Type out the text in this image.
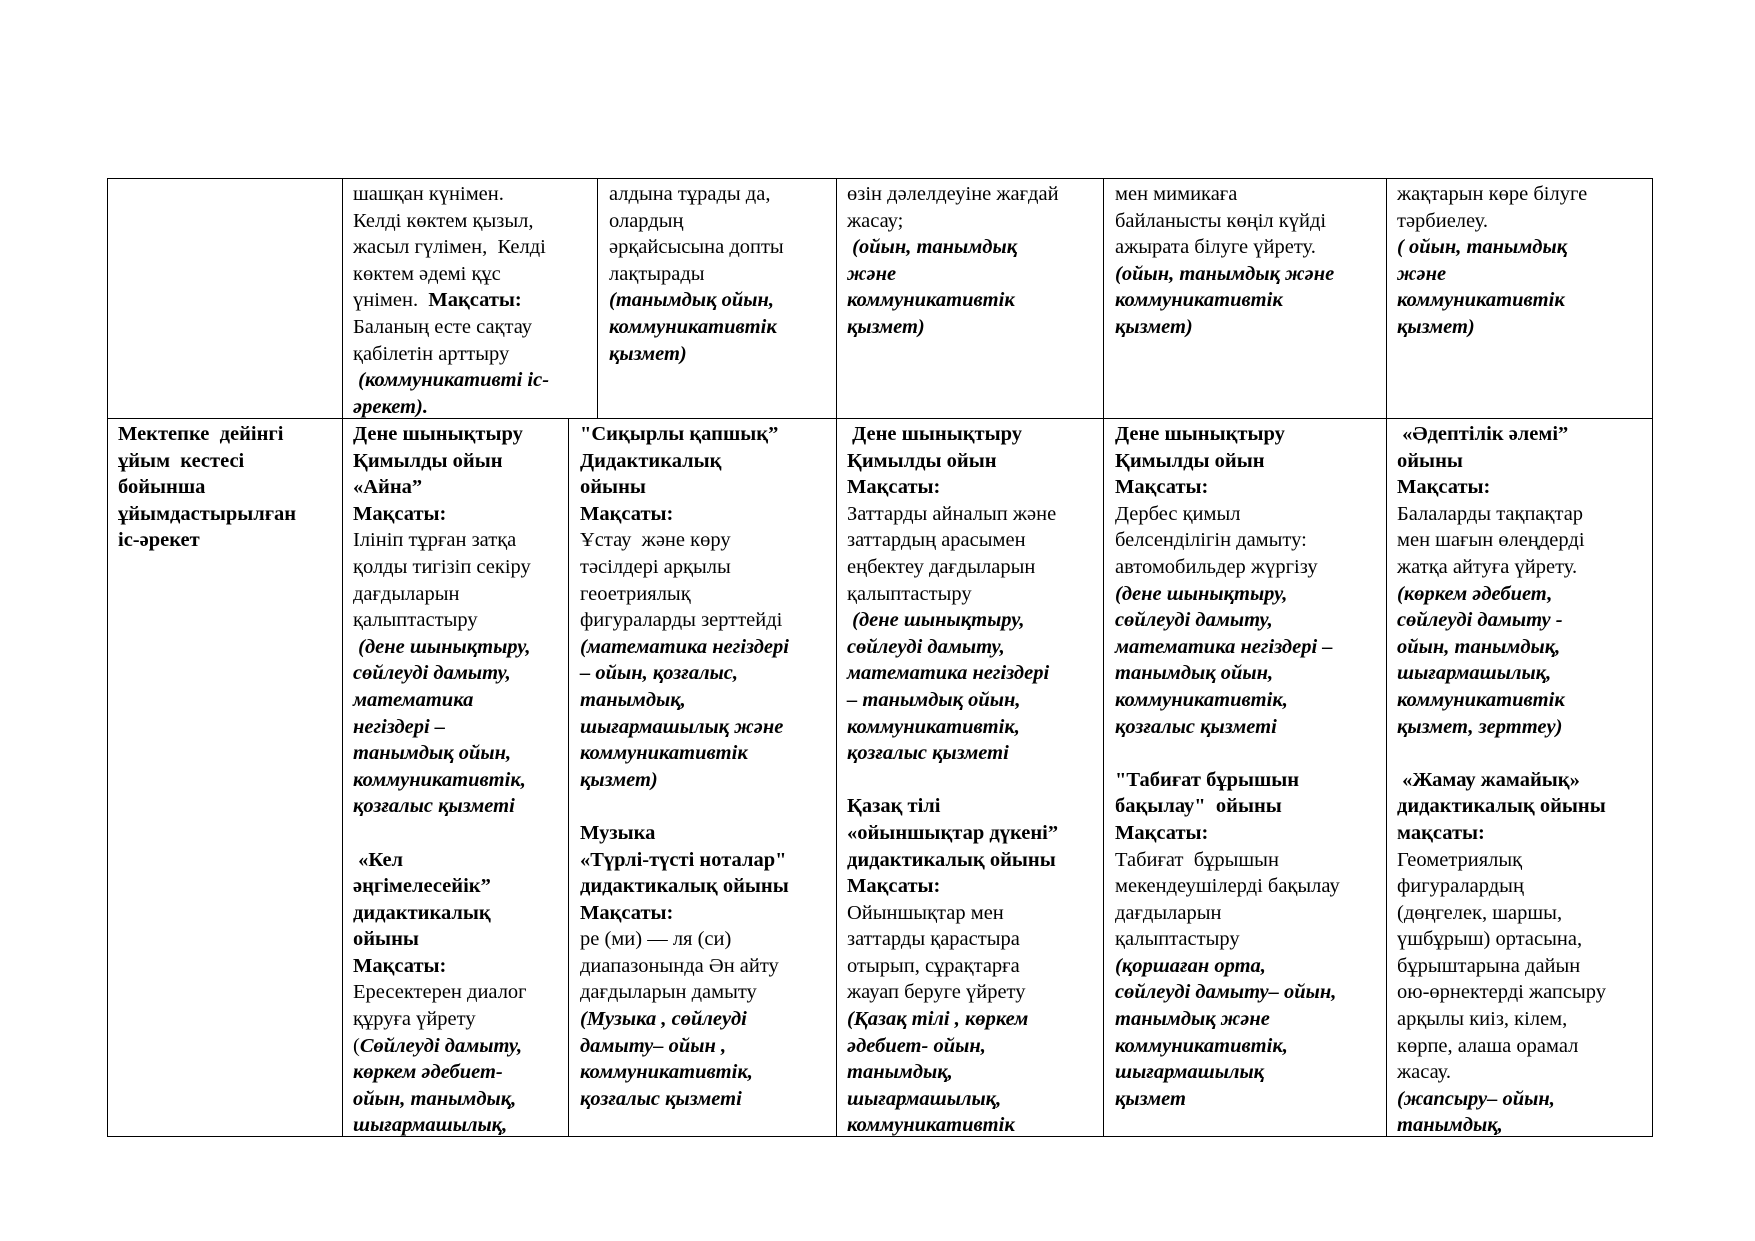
шашқан күнімен.
Келді көктем қызыл,
жасыл гүлімен,  Келді
көктем әдемі құс
үнімен.  Мақсаты:
Баланың есте сақтау
қабілетін арттыру
(коммуникативті іс-
әрекет).
алдына тұрады да,
олардың
әрқайсысына допты
лақтырады
(танымдық ойын,
коммуникативтік
қызмет)
өзін дәлелдеуіне жағдай
жасау;
(ойын, танымдық
және
коммуникативтік
қызмет)
мен мимикаға
байланысты көңіл күйді
ажырата білуге үйрету.
(ойын, танымдық және
коммуникативтік
қызмет)
жақтарын көре білуге
тәрбиелеу.
( ойын, танымдық
және
коммуникативтік
қызмет)
Мектепке  дейінгі
ұйым  кестесі
бойынша
ұйымдастырылған
іс-әрекет
Дене шынықтыру
Қимылды ойын
«Айна”
Мақсаты:
Ілініп тұрған затқа
қолды тигізіп секіру
дағдыларын
қалыптастыру
(дене шынықтыру,
сөйлеуді дамыту,
математика
негіздері –
танымдық ойын,
коммуникативтік,
қозғалыс қызметі

«Кел
әңгімелесейік”
дидактикалық
ойыны
Мақсаты:
Ересектерен диалог
құруға үйрету
(Сөйлеуді дамыту,
көркем әдебиет-
ойын, танымдық,
шығармашылық,
"Сиқырлы қапшық”
Дидактикалық
ойыны
Мақсаты:
Ұстау  және көру
тәсілдері арқылы
геоетриялық
фигураларды зерттейді
(математика негіздері
– ойын, қозғалыс,
танымдық,
шығармашылық және
коммуникативтік
қызмет)

Музыка
«Түрлі-түсті ноталар"
дидактикалық ойыны
Мақсаты:
ре (ми) — ля (си)
диапазонында Ән айту
дағдыларын дамыту
(Музыка , сөйлеуді
дамыту– ойын ,
коммуникативтік,
қозғалыс қызметі
Дене шынықтыру
Қимылды ойын
Мақсаты:
Заттарды айналып және
заттардың арасымен
еңбектеу дағдыларын
қалыптастыру
(дене шынықтыру,
сөйлеуді дамыту,
математика негіздері
– танымдық ойын,
коммуникативтік,
қозғалыс қызметі

Қазақ тілі
«ойыншықтар дүкені”
дидактикалық ойыны
Мақсаты:
Ойыншықтар мен
заттарды қарастыра
отырып, сұрақтарға
жауап беруге үйрету
(Қазақ тілі , көркем
әдебиет- ойын,
танымдық,
шығармашылық,
коммуникативтік
Дене шынықтыру
Қимылды ойын
Мақсаты:
Дербес қимыл
белсенділігін дамыту:
автомобильдер жүргізу
(дене шынықтыру,
сөйлеуді дамыту,
математика негіздері –
танымдық ойын,
коммуникативтік,
қозғалыс қызметі

"Табиғат бұрышын
бақылау"  ойыны
Мақсаты:
Табиғат  бұрышын
мекендеушілерді бақылау
дағдыларын
қалыптастыру
(қоршаған орта,
сөйлеуді дамыту– ойын,
танымдық және
коммуникативтік,
шығармашылық
қызмет
«Әдептілік әлемі”
ойыны
Мақсаты:
Балаларды тақпақтар
мен шағын өлеңдерді
жатқа айтуға үйрету.
(көркем әдебиет,
сөйлеуді дамыту -
ойын, танымдық,
шығармашылық,
коммуникативтік
қызмет, зерттеу)

«Жамау жамайық»
дидактикалық ойыны
мақсаты:
Геометриялық
фигуралардың
(дөңгелек, шаршы,
үшбұрыш) ортасына,
бұрыштарына дайын
ою-өрнектерді жапсыру
арқылы киіз, кілем,
көрпе, алаша орамал
жасау.
(жапсыру– ойын,
танымдық,
